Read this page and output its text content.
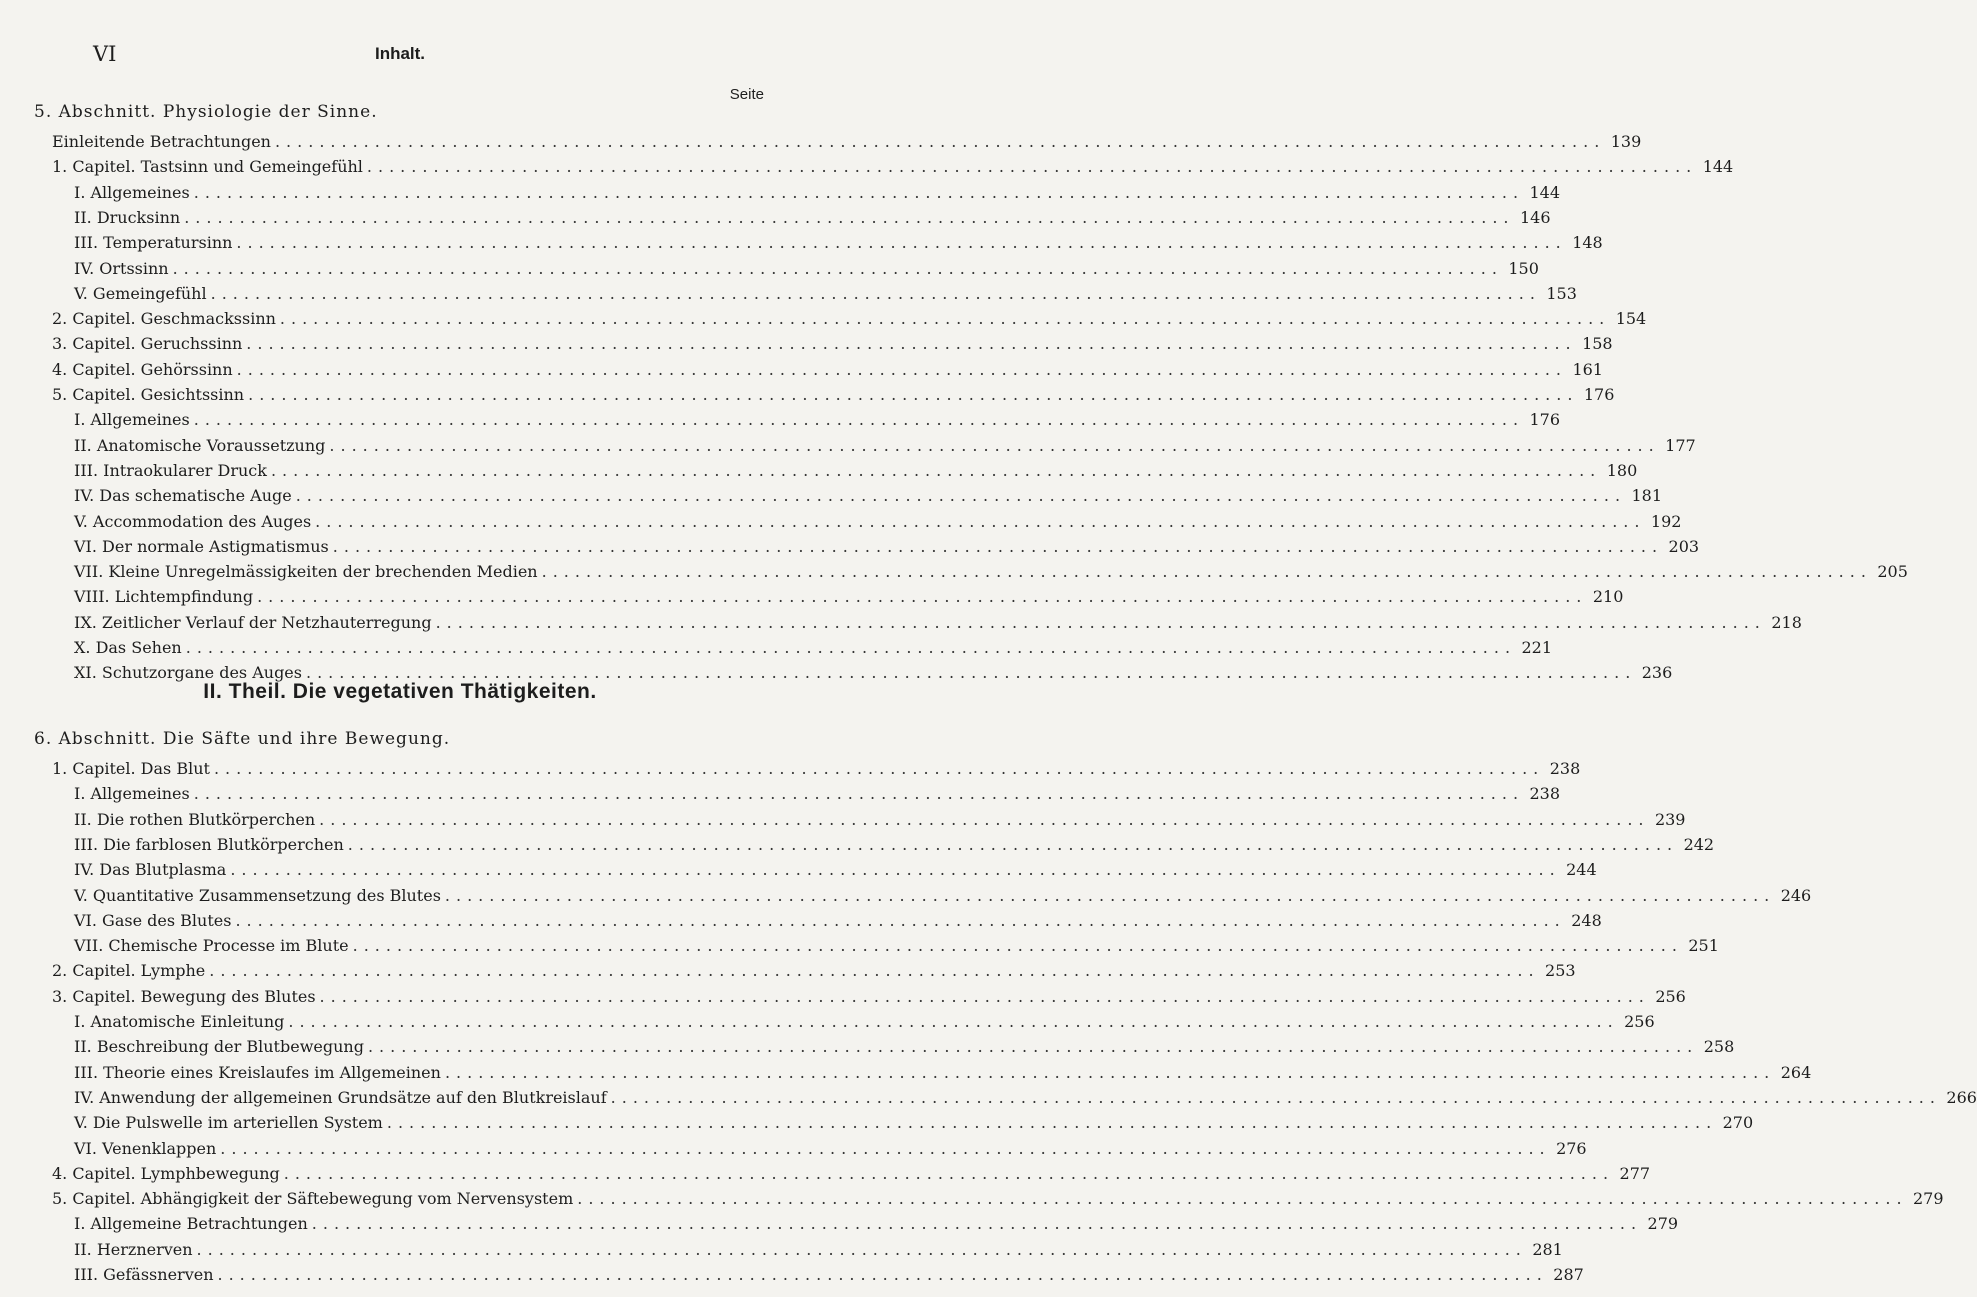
VI	Inhalt.
Seite
5. Abschnitt. Physiologie der Sinne.
Einleitende Betrachtungen ........................................................................................................................ 139
1. Capitel. Tastsinn und Gemeingefühl ........................................................................................................................ 144
I. Allgemeines ........................................................................................................................ 144
II. Drucksinn ........................................................................................................................ 146
III. Temperatursinn ........................................................................................................................ 148
IV. Ortssinn ........................................................................................................................ 150
V. Gemeingefühl ........................................................................................................................ 153
2. Capitel. Geschmackssinn ........................................................................................................................ 154
3. Capitel. Geruchssinn ........................................................................................................................ 158
4. Capitel. Gehörssinn ........................................................................................................................ 161
5. Capitel. Gesichtssinn ........................................................................................................................ 176
I. Allgemeines ........................................................................................................................ 176
II. Anatomische Voraussetzung ........................................................................................................................ 177
III. Intraokularer Druck ........................................................................................................................ 180
IV. Das schematische Auge ........................................................................................................................ 181
V. Accommodation des Auges ........................................................................................................................ 192
VI. Der normale Astigmatismus ........................................................................................................................ 203
VII. Kleine Unregelmässigkeiten der brechenden Medien ........................................................................................................................ 205
VIII. Lichtempfindung ........................................................................................................................ 210
IX. Zeitlicher Verlauf der Netzhauterregung ........................................................................................................................ 218
X. Das Sehen ........................................................................................................................ 221
XI. Schutzorgane des Auges ........................................................................................................................ 236
II. Theil. Die vegetativen Thätigkeiten.
6. Abschnitt. Die Säfte und ihre Bewegung.
1. Capitel. Das Blut ........................................................................................................................ 238
I. Allgemeines ........................................................................................................................ 238
II. Die rothen Blutkörperchen ........................................................................................................................ 239
III. Die farblosen Blutkörperchen ........................................................................................................................ 242
IV. Das Blutplasma ........................................................................................................................ 244
V. Quantitative Zusammensetzung des Blutes ........................................................................................................................ 246
VI. Gase des Blutes ........................................................................................................................ 248
VII. Chemische Processe im Blute ........................................................................................................................ 251
2. Capitel. Lymphe ........................................................................................................................ 253
3. Capitel. Bewegung des Blutes ........................................................................................................................ 256
I. Anatomische Einleitung ........................................................................................................................ 256
II. Beschreibung der Blutbewegung ........................................................................................................................ 258
III. Theorie eines Kreislaufes im Allgemeinen ........................................................................................................................ 264
IV. Anwendung der allgemeinen Grundsätze auf den Blutkreislauf ........................................................................................................................ 266
V. Die Pulswelle im arteriellen System ........................................................................................................................ 270
VI. Venenklappen ........................................................................................................................ 276
4. Capitel. Lymphbewegung ........................................................................................................................ 277
5. Capitel. Abhängigkeit der Säftebewegung vom Nervensystem ........................................................................................................................ 279
I. Allgemeine Betrachtungen ........................................................................................................................ 279
II. Herznerven ........................................................................................................................ 281
III. Gefässnerven ........................................................................................................................ 287
